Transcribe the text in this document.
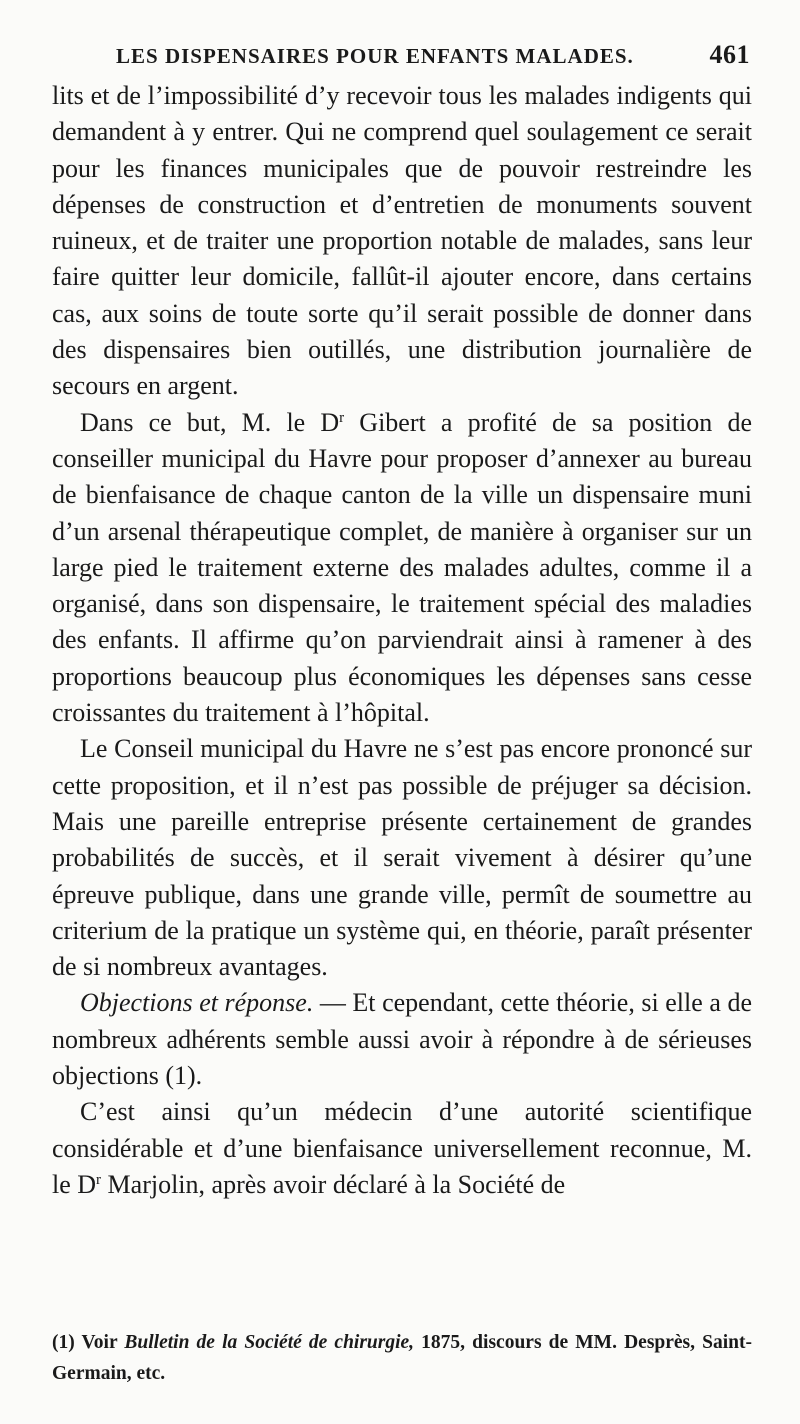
LES DISPENSAIRES POUR ENFANTS MALADES.	461

lits et de l’impossibilité d’y recevoir tous les malades indigents qui demandent à y entrer. Qui ne comprend quel soulagement ce serait pour les finances municipales que de pouvoir restreindre les dépenses de construction et d’entretien de monuments souvent ruineux, et de traiter une proportion notable de malades, sans leur faire quitter leur domicile, fallût-il ajouter encore, dans certains cas, aux soins de toute sorte qu’il serait possible de donner dans des dispensaires bien outillés, une distribution journalière de secours en argent.

Dans ce but, M. le $D^r$ Gibert a profité de sa position de conseiller municipal du Havre pour proposer d’annexer au bureau de bienfaisance de chaque canton de la ville un dispensaire muni d’un arsenal thérapeutique complet, de manière à organiser sur un large pied le traitement externe des malades adultes, comme il a organisé, dans son dispensaire, le traitement spécial des maladies des enfants. Il affirme qu’on parviendrait ainsi à ramener à des proportions beaucoup plus économiques les dépenses sans cesse croissantes du traitement à l’hôpital.

Le Conseil municipal du Havre ne s’est pas encore prononcé sur cette proposition, et il n’est pas possible de préjuger sa décision. Mais une pareille entreprise présente certainement de grandes probabilités de succès, et il serait vivement à désirer qu’une épreuve publique, dans une grande ville, permît de soumettre au criterium de la pratique un système qui, en théorie, paraît présenter de si nombreux avantages.

Objections et réponse. — Et cependant, cette théorie, si elle a de nombreux adhérents semble aussi avoir à répondre à de sérieuses objections (1).

C’est ainsi qu’un médecin d’une autorité scientifique considérable et d’une bienfaisance universellement reconnue, M. le $D^r$ Marjolin, après avoir déclaré à la Société de

(1) Voir Bulletin de la Société de chirurgie, 1875, discours de MM. Desprès, Saint-Germain, etc.
